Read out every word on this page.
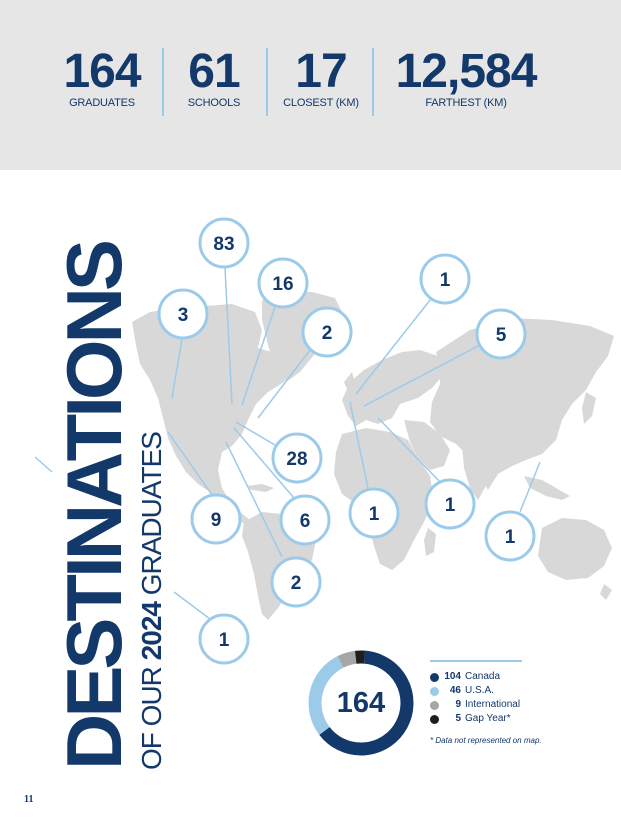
164
GRADUATES
61
SCHOOLS
17
CLOSEST (KM)
12,584
FARTHEST (KM)
83
3
16
2
28
6
9
2
1
1
5
1	1
1
164
DESTINATIONS
OF OUR 2024 GRADUATES
104 Canada
46 U.S.A.
9 International
5 Gap Year*
* Data not represented on map.
11
